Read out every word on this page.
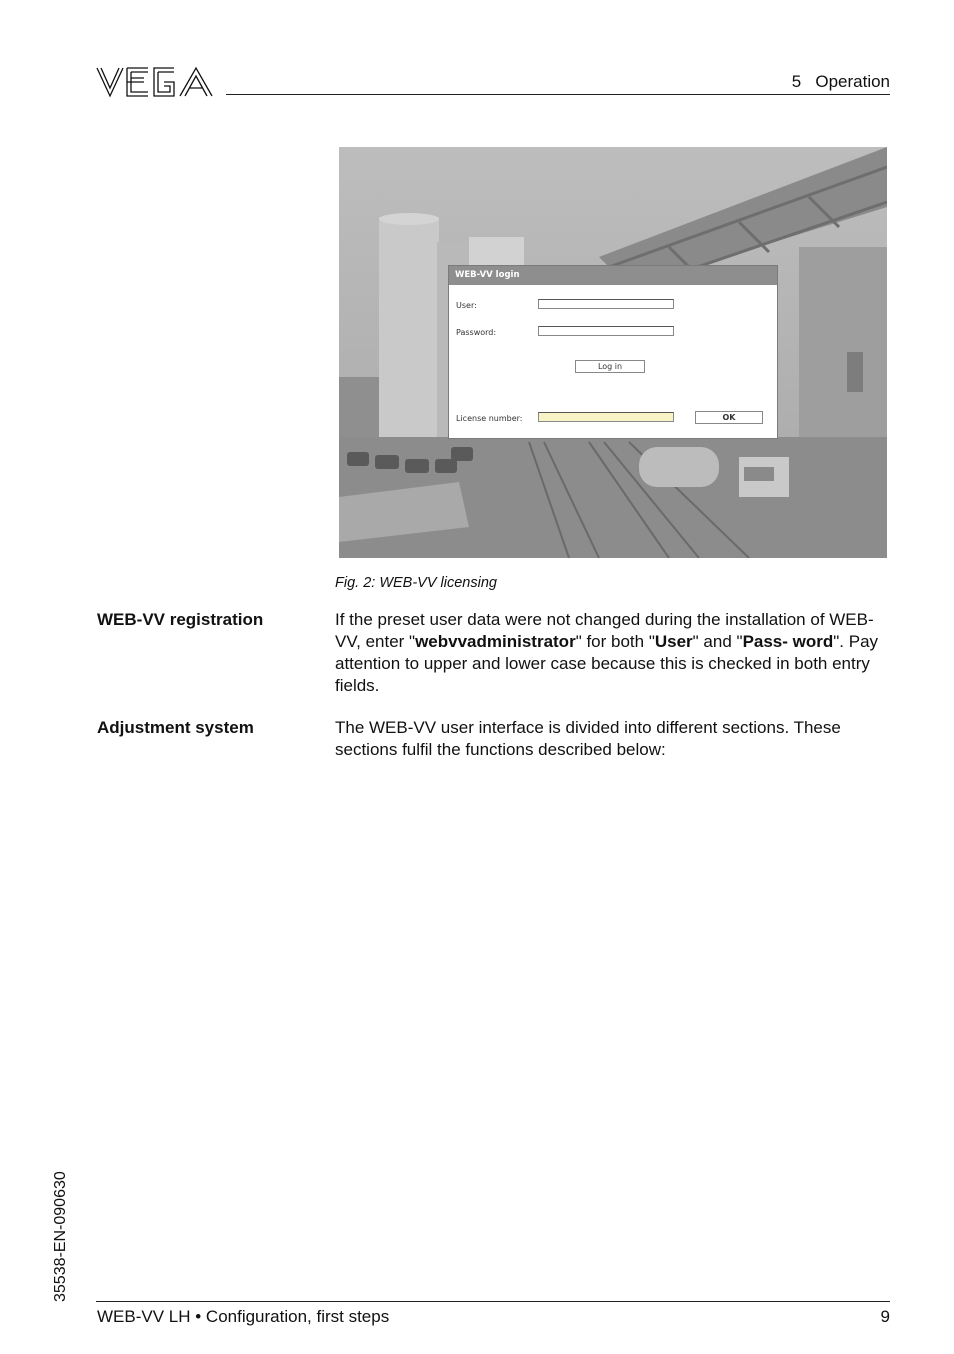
5   Operation
WEB-VV login
User:
Password:
Log in
License number:	OK
Fig. 2: WEB-VV licensing
WEB-VV registration	If the preset user data were not changed during the installation of WEB-VV, enter "webvvadministrator" for both "User" and "Pass- word". Pay attention to upper and lower case because this is checked in both entry fields.
Adjustment system	The WEB-VV user interface is divided into different sections. These sections fulfil the functions described below:
35538-EN-090630
WEB-VV LH • Configuration, first steps	9
